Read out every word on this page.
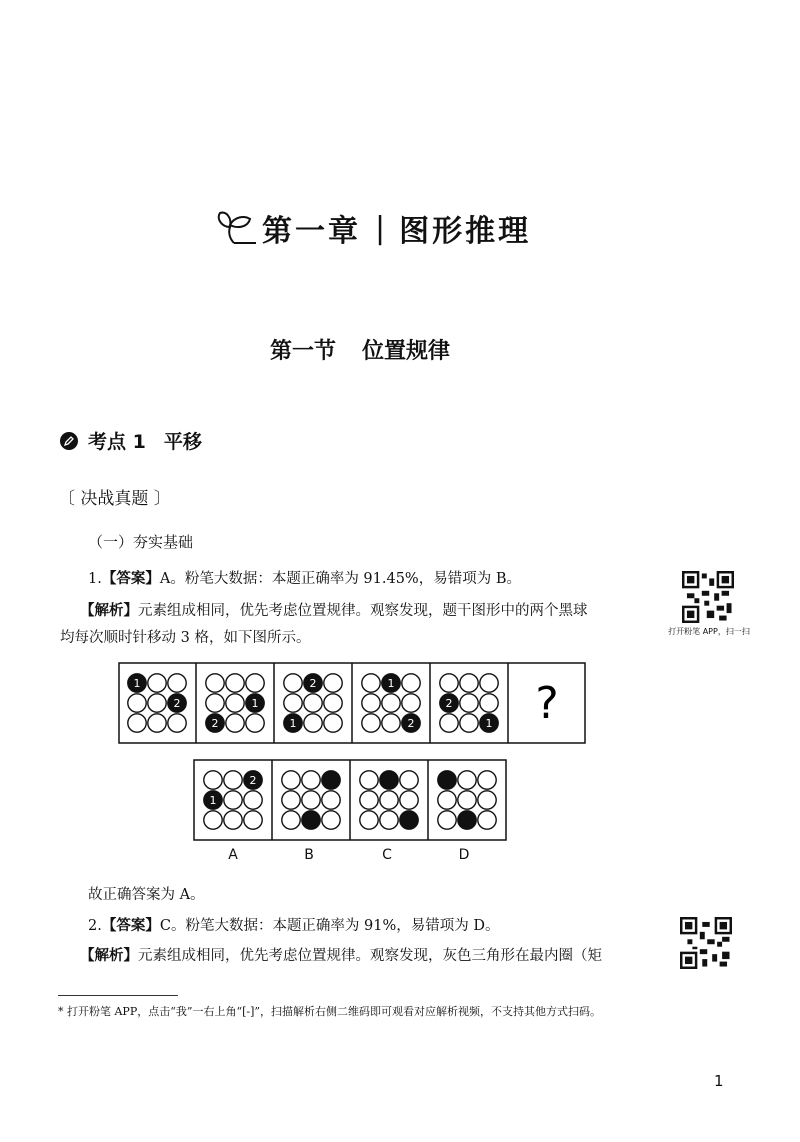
第一章 | 图形推理
第一节 位置规律
考点 1 平移
〔 决战真题 〕
（一）夯实基础
1.【答案】A。粉笔大数据：本题正确率为 91.45%，易错项为 B。
【解析】元素组成相同，优先考虑位置规律。观察发现，题干图形中的两个黑球
均每次顺时针移动 3 格，如下图所示。	打开粉笔 APP，扫一扫
1
2	1
2
2
1
1
2
2
1 ?
2
1
A	B	C	D
故正确答案为 A。
2.【答案】C。粉笔大数据：本题正确率为 91%，易错项为 D。
【解析】元素组成相同，优先考虑位置规律。观察发现，灰色三角形在最内圈（矩
* 打开粉笔 APP，点击“我”一右上角“[-]”，扫描解析右侧二维码即可观看对应解析视频，不支持其他方式扫码。
1
